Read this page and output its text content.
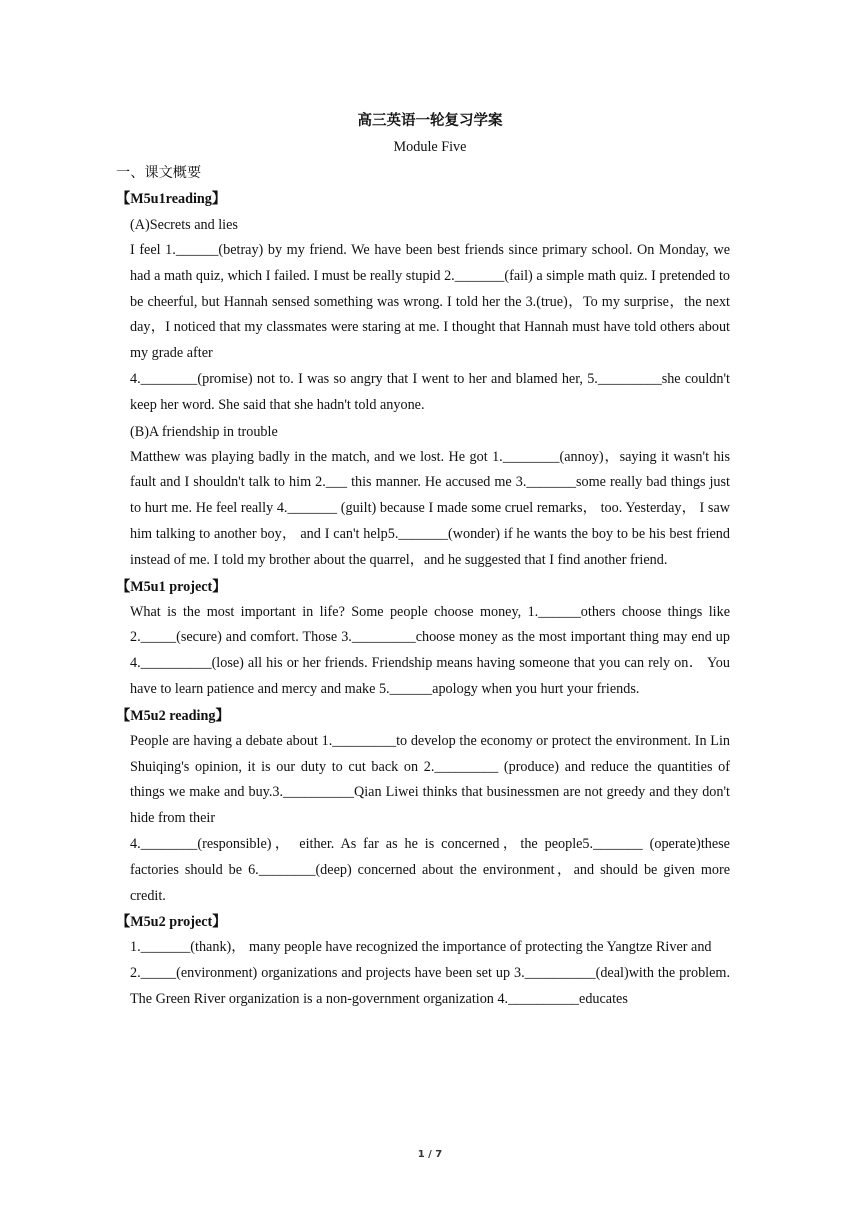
高三英语一轮复习学案
Module Five
一、课文概要
【M5u1reading】
(A)Secrets and lies

I feel 1.______(betray) by my friend. We have been best friends since primary school. On Monday, we had a math quiz, which I failed. I must be really stupid 2._______(fail) a simple math quiz. I pretended to be cheerful, but Hannah sensed something was wrong. I told her the 3.(true)，To my surprise，the next day，I noticed that my classmates were staring at me. I thought that Hannah must have told others about my grade after

4.________(promise) not to. I was so angry that I went to her and blamed her, 5._________she couldn't keep her word. She said that she hadn't told anyone.

(B)A friendship in trouble

Matthew was playing badly in the match, and we lost. He got 1.________(annoy)，saying it wasn't his fault and I shouldn't talk to him 2.___ this manner. He accused me 3._______some really bad things just to hurt me. He feel really 4._______ (guilt) because I made some cruel remarks， too. Yesterday， I saw him talking to another boy， and I can't help5._______(wonder) if he wants the boy to be his best friend instead of me. I told my brother about the quarrel，and he suggested that I find another friend.

【M5u1 project】

What is the most important in life? Some people choose money, 1.______others choose things like 2._____(secure) and comfort. Those 3._________choose money as the most important thing may end up 4.__________(lose) all his or her friends. Friendship means having someone that you can rely on． You have to learn patience and mercy and make 5.______apology when you hurt your friends.

【M5u2 reading】

People are having a debate about 1._________to develop the economy or protect the environment. In Lin Shuiqing's opinion, it is our duty to cut back on 2._________ (produce) and reduce the quantities of things we make and buy.3.__________Qian Liwei thinks that businessmen are not greedy and they don't hide from their

4.________(responsible)， either. As far as he is concerned，the people5._______ (operate)these factories should be 6.________(deep) concerned about the environment，and should be given more credit.

【M5u2 project】

1._______(thank)， many people have recognized the importance of protecting the Yangtze River and

2._____(environment) organizations and projects have been set up 3.__________(deal)with the problem. The Green River organization is a non-government organization 4.__________educates

1 / 7
